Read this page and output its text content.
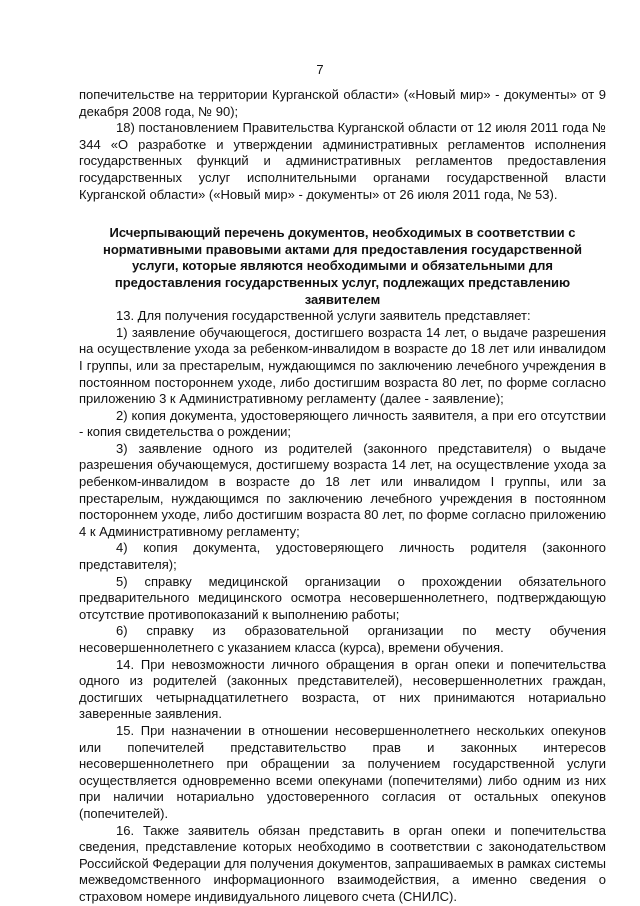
7

попечительстве на территории Курганской области» («Новый мир» - документы» от 9 декабря 2008 года, № 90);

18) постановлением Правительства Курганской области от 12 июля 2011 года № 344 «О разработке и утверждении административных регламентов исполнения государственных функций и административных регламентов предоставления государственных услуг исполнительными органами государственной власти Курганской области» («Новый мир» - документы» от 26 июля 2011 года, № 53).

Исчерпывающий перечень документов, необходимых в соответствии с нормативными правовыми актами для предоставления государственной услуги, которые являются необходимыми и обязательными для предоставления государственных услуг, подлежащих представлению заявителем

13. Для получения государственной услуги заявитель представляет:

1) заявление обучающегося, достигшего возраста 14 лет, о выдаче разрешения на осуществление ухода за ребенком-инвалидом в возрасте до 18 лет или инвалидом I группы, или за престарелым, нуждающимся по заключению лечебного учреждения в постоянном постороннем уходе, либо достигшим возраста 80 лет, по форме согласно приложению 3 к Административному регламенту (далее - заявление);

2) копия документа, удостоверяющего личность заявителя, а при его отсутствии - копия свидетельства о рождении;

3) заявление одного из родителей (законного представителя) о выдаче разрешения обучающемуся, достигшему возраста 14 лет, на осуществление ухода за ребенком-инвалидом в возрасте до 18 лет или инвалидом I группы, или за престарелым, нуждающимся по заключению лечебного учреждения в постоянном постороннем уходе, либо достигшим возраста 80 лет, по форме согласно приложению 4 к Административному регламенту;

4) копия документа, удостоверяющего личность родителя (законного представителя);

5) справку медицинской организации о прохождении обязательного предварительного медицинского осмотра несовершеннолетнего, подтверждающую отсутствие противопоказаний к выполнению работы;

6) справку из образовательной организации по месту обучения несовершеннолетнего с указанием класса (курса), времени обучения.

14. При невозможности личного обращения в орган опеки и попечительства одного из родителей (законных представителей), несовершеннолетних граждан, достигших четырнадцатилетнего возраста, от них принимаются нотариально заверенные заявления.

15. При назначении в отношении несовершеннолетнего нескольких опекунов или попечителей представительство прав и законных интересов несовершеннолетнего при обращении за получением государственной услуги осуществляется одновременно всеми опекунами (попечителями) либо одним из них при наличии нотариально удостоверенного согласия от остальных опекунов (попечителей).

16. Также заявитель обязан представить в орган опеки и попечительства сведения, представление которых необходимо в соответствии с законодательством Российской Федерации для получения документов, запрашиваемых в рамках системы межведомственного информационного взаимодействия, а именно сведения о страховом номере индивидуального лицевого счета (СНИЛС).
